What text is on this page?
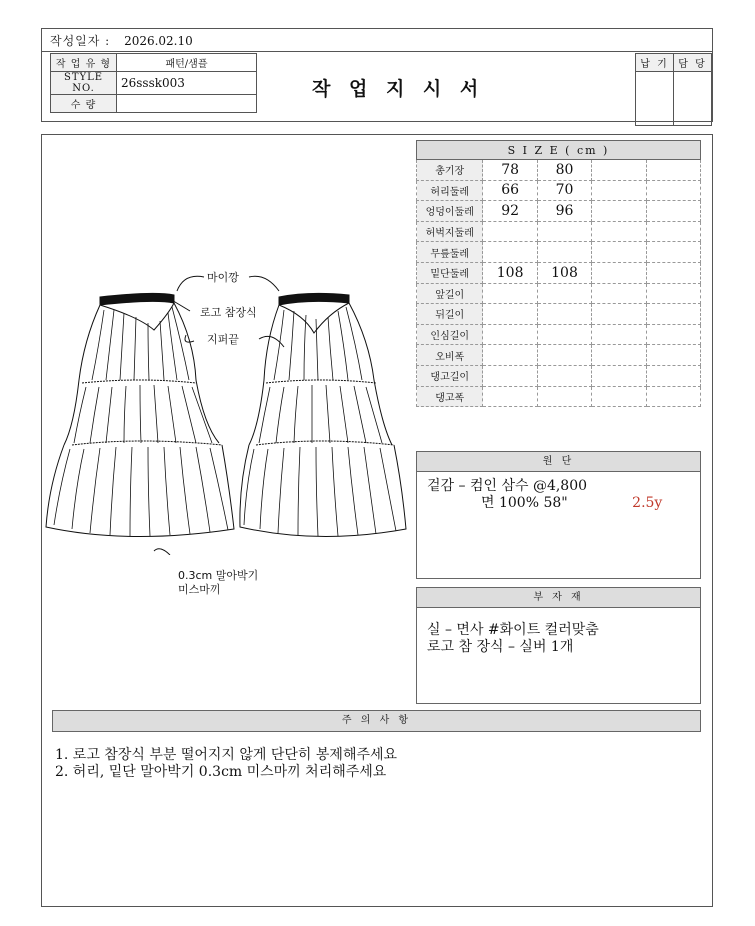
작 업 유 형	패턴/샘플
STYLE NO.	26sssk003
수 량	
작 업 지 시 서
납 기	담 당

작성일자 : 2026.02.10
마이깡
로고 참장식
지퍼끝
0.3cm 말아박기
미스마끼
S I Z E ( cm )				
총기장	78	80		
허리둘레	66	70		
엉덩이둘레	92	96		
허벅지둘레				
무릎둘레				
밑단둘레	108	108		
앞길이				
뒤길이				
인심길이				
오비폭				
댕고길이				
댕고폭				
원 단
겉감 – 컴인 삼수 @4,800
면 100% 58"	2.5y
부 자 재
실 – 면사 #화이트 컬러맞춤
로고 참 장식 – 실버 1개
주 의 사 항
1. 로고 참장식 부분 떨어지지 않게 단단히 봉제해주세요
2. 허리, 밑단 말아박기 0.3cm 미스마끼 처리해주세요
